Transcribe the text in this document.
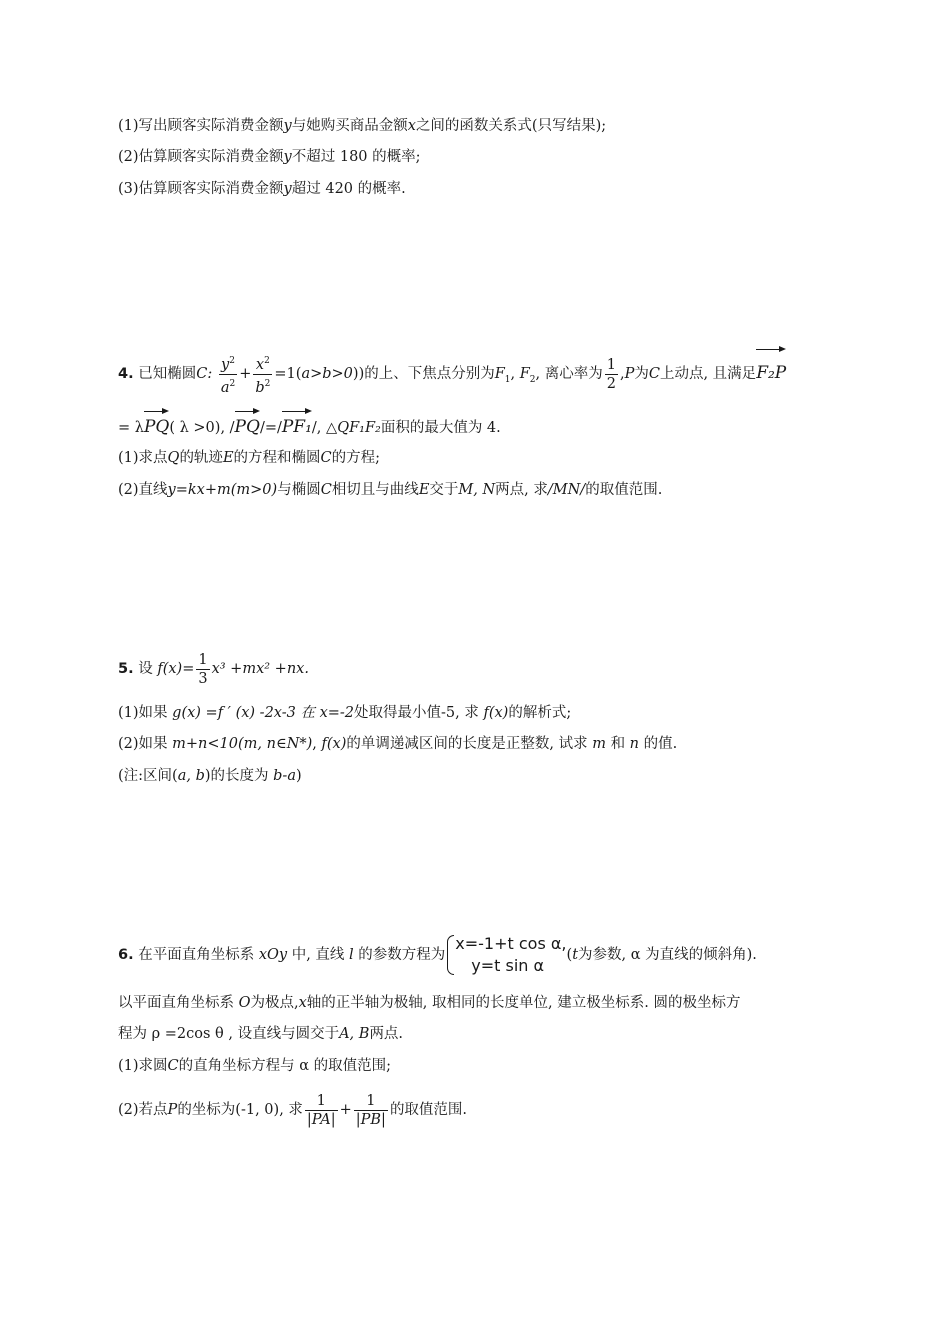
(1)写出顾客实际消费金额y与她购买商品金额x之间的函数关系式(只写结果);
(2)估算顾客实际消费金额y不超过 180 的概率;
(3)估算顾客实际消费金额y超过 420 的概率.
4. 已知椭圆C: $\frac{y^2}{a^2} + \frac{x^2}{b^2} =1(a>b>0)$)的上、下焦点分别为$F_1$, $F_2$, 离心率为 $\frac{1}{2} ,P$为C上动点, 且满足F₂P
= λPQ( λ >0), /PQ/=/PF₁/, △QF₁F₂面积的最大值为 4.
(1)求点Q的轨迹E的方程和椭圆C的方程;
(2)直线y=kx+m(m>0)与椭圆C相切且与曲线E交于M, N两点, 求/MN/的取值范围.
5. 设 $f(x)= \frac{1}{3} x^3 +mx^2 +nx$.
(1)如果 g(x) =f ′ (x) -2x-3 在 x=-2处取得最小值-5, 求 f(x)的解析式;
(2)如果 m+n<10(m, n∈N*), f(x)的单调递减区间的长度是正整数, 试求 m 和 n 的值.
(注:区间(a, b)的长度为 b-a)
6. 在平面直角坐标系 xOy 中, 直线 l 的参数方程为
x=-1+t cos α,
y=t sin α
(t为参数, α 为直线的倾斜角).
以平面直角坐标系 O为极点,x轴的正半轴为极轴, 取相同的长度单位, 建立极坐标系. 圆的极坐标方
程为 ρ =2cos θ , 设直线与圆交于A, B两点.
(1)求圆C的直角坐标方程与 α 的取值范围;
(2)若点P的坐标为(-1, 0), 求 $\frac{1}{|PA|} + \frac{1}{|PB|}$ 的取值范围.
